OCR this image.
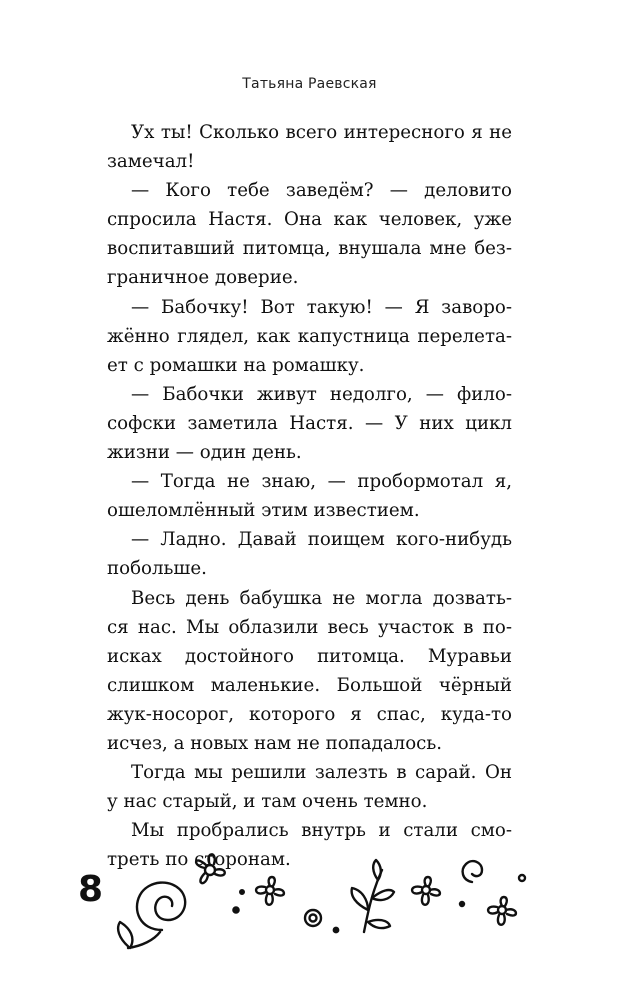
Татьяна Раевская

Ух ты! Сколько всего интересного я не
замечал!

— Кого тебе заведём? — деловито
спросила Настя. Она как человек, уже
воспитавший питомца, внушала мне без-
граничное доверие.

— Бабочку! Вот такую! — Я заворо-
жённо глядел, как капустница перелета-
ет с ромашки на ромашку.

— Бабочки живут недолго, — фило-
софски заметила Настя. — У них цикл
жизни — один день.

— Тогда не знаю, — пробормотал я,
ошеломлённый этим известием.

— Ладно. Давай поищем кого-нибудь
побольше.

Весь день бабушка не могла дозвать-
ся нас. Мы облазили весь участок в по-
исках достойного питомца. Муравьи
слишком маленькие. Большой чёрный
жук-носорог, которого я спас, куда-то
исчез, а новых нам не попадалось.

Тогда мы решили залезть в сарай. Он
у нас старый, и там очень темно.

Мы пробрались внутрь и стали смо-
треть по сторонам.

8
